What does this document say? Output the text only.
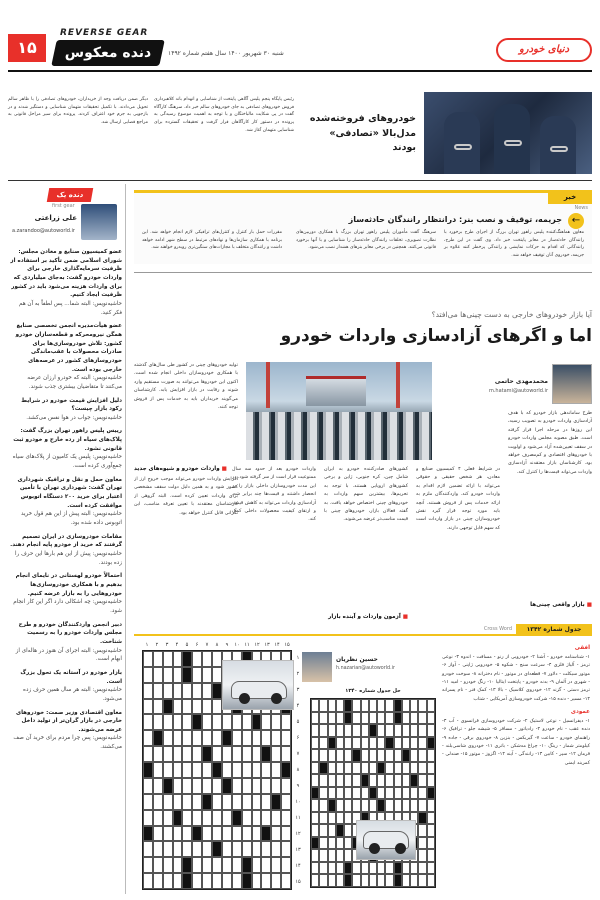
REVERSE GEAR
۱۵	دنده معکوس	شنبه ۳۰ شهریور ۱۴۰۰ سال هفتم شماره ۱۴۹۲	دنیای خودرو
خودروهای فروخته‌شده
مدل‌بالا «تصادفی» بودند
رئیس پایگاه پنجم پلیس آگاهی پایتخت از شناسایی و انهدام باند کلاهبرداری فروش خودروهای تصادفی به جای خودروهای سالم خبر داد. سرهنگ کارآگاه گفت در پی شکایت مالباختگان و با توجه به اهمیت موضوع رسیدگی به پرونده در دستور کار کارآگاهان قرار گرفت و تحقیقات گسترده برای شناسایی متهمان آغاز شد.
دیگر ضمن دریافت وجه از خریداران، خودروهای تصادفی را با ظاهر سالم تحویل می‌دادند. با تکمیل تحقیقات متهمان شناسایی و دستگیر شدند و در بازجویی به جرم خود اعتراف کردند. پرونده برای سیر مراحل قانونی به مراجع قضایی ارسال شد.
دنده یک
first gear
علی زراعتی
a.zarandoo@autoworld.ir
عضو کمیسیون صنایع و معادن مجلس: شورای اسلامی ضمن تأکید بر استفاده از ظرفیت سرمایه‌گذاری خارجی برای واردات خودرو گفت: به‌جای میلیاردی که برای واردات هزینه می‌شود باید در کشور ظرفیت ایجاد کنیم.
حاشیه‌نویس: البته شما... پس لطفاً به آن هم فکر کنید.
عضو هیأت‌مدیره انجمن تخصصی صنایع همگن نیرومحرکه و قطعه‌سازان خودرو کشور: تلاش خودروسازی‌ها برای صادرات محصولات با عقب‌ماندگی خودروسازهای کشور در عرصه‌های خارجی بوده است.
حاشیه‌نویس: البته که خودرو ارزان عرضه می‌کنند تا متقاضیان بیشتری جذب شوند.
دلیل افزایش قیمت خودرو در شرایط رکود بازار چیست؟
حاشیه‌نویس: جواب در هوا نفس می‌کشد.
رییس پلیس راهور تهران بزرگ گفت: پلاک‌های سیاه از رده خارج و خودرو ثبت قانونی نشود.
حاشیه‌نویس: پلیس یک کامیون از پلاک‌های سیاه جمع‌آوری کرده است.
معاون حمل و نقل و ترافیک شهرداری تهران گفت: شهرداری تهران با تأمین اعتبار برای خرید ۲۰۰ دستگاه اتوبوس موافقت کرده است.
حاشیه‌نویس: البته پیش از این هم قول خرید اتوبوس داده شده بود.
مقامات خودروسازی در ایران تصمیم گرفتند که خرید از خودرو پایه انجام دهند.
حاشیه‌نویس: پیش از این هم بارها این حرف را زده بودند.
احتمالاً خودرو لهستانی در نایمای انجام بدهیم و با همکاری خودروسازی‌ها خودروهایی را به بازار عرضه کنیم.
حاشیه‌نویس: چه اشکالی دارد اگر این کار انجام شود.
دبیر انجمن واردکنندگان خودرو و طرح مجلس واردات خودرو را به رسمیت شناخت.
حاشیه‌نویس: البته اجرای آن هنوز در هاله‌ای از ابهام است.
بازار خودرو در آستانه یک تحول بزرگ است.
حاشیه‌نویس: البته هر سال همین حرف زده می‌شود.
معاون اقتصادی وزیر صمت: خودروهای خارجی در بازار گران‌تر از تولید داخل عرضه می‌شوند.
حاشیه‌نویس: پس چرا مردم برای خرید آن صف می‌کشند.
خبر
News
←
جریمه، توقیف و نصب بنر: درانتظار رانندگان حادثه‌ساز
معاون هماهنگ‌کننده پلیس راهور تهران بزرگ از اجرای طرح برخورد با رانندگان حادثه‌ساز در معابر پایتخت خبر داد. وی گفت در این طرح، رانندگانی که اقدام به حرکات نمایشی و رانندگی پرخطر کنند علاوه بر جریمه، خودروی آنان توقیف خواهد شد.
سرهنگ گفت مأموران پلیس راهور تهران بزرگ با همکاری دوربین‌های نظارت تصویری، تخلفات رانندگان حادثه‌ساز را شناسایی و با آنها برخورد قانونی می‌کنند. همچنین در برخی معابر بنرهای هشدار نصب می‌شود.
مقررات حمل بار کنترل و کنترل‌های ترافیکی لازم انجام خواهد شد. این برنامه با همکاری سازمان‌ها و نهادهای مرتبط در سطح شهر ادامه خواهد داشت و رانندگان متخلف با مجازات‌های سنگین‌تری روبه‌رو خواهند شد.
آیا بازار خودروهای خارجی به دست چینی‌ها می‌افتد؟
اما و اگرهای آزادسازی واردات خودرو
محمدمهدی حاتمی
m.hatami@autoworld.ir
طرح ساماندهی بازار خودرو که با هدف آزادسازی واردات خودرو به تصویب رسید، این روزها در مرحله اجرا قرار گرفته است. طبق مصوبه مجلس واردات خودرو در سقف تعیین‌شده آزاد می‌شود و اولویت با خودروهای اقتصادی و کم‌مصرف خواهد بود. کارشناسان بازار معتقدند آزادسازی واردات می‌تواند قیمت‌ها را کنترل کند.
در شرایط فعلی ۴ کمیسیون صنایع و معادن، هر شخص حقیقی و حقوقی می‌تواند با ارائه تضمین لازم اقدام به واردات خودرو کند. واردکنندگان ملزم به ارائه خدمات پس از فروش هستند. آنچه باید مورد توجه قرار گیرد نقش خودروسازان چینی در بازار واردات است که سهم قابل توجهی دارند.
کشورهای صادرکننده خودرو به ایران شامل چین، کره جنوبی، ژاپن و برخی کشورهای اروپایی هستند. با توجه به تحریم‌ها، بیشترین سهم واردات به خودروهای چینی اختصاص خواهد یافت. به گفته فعالان بازار، خودروهای چینی با قیمت مناسب‌تر عرضه می‌شوند.
واردات خودرو بعد از حدود سه سال ممنوعیت قرار است از سر گرفته شود. در این مدت خودروسازان داخلی بازار را در انحصار داشتند و قیمت‌ها چند برابر شد. آزادسازی واردات می‌تواند به کاهش قیمت و ارتقای کیفیت محصولات داخلی کمک کند.
تولید خودروهای چینی در کشور طی سال‌های گذشته با همکاری خودروسازان داخلی انجام شده است. اکنون این خودروها می‌توانند به صورت مستقیم وارد شوند و رقابت در بازار افزایش یابد. کارشناسان می‌گویند خریداران باید به خدمات پس از فروش توجه کنند.
■ واردات خودرو و شیوه‌های جدید
افزایش واردات خودرو می‌تواند موجب خروج ارز از کشور شود و به همین دلیل دولت سقف مشخصی برای واردات تعیین کرده است. البته گروهی از کارشناسان معتقدند با تعیین تعرفه مناسب، این نگرانی قابل کنترل خواهد بود.
■ بازار واقعی چینی‌ها
■ آزمون واردات و آینده بازار
جدول شماره ۱۳۴۲
Cross Word
۱۵
۱۴
۱۳
۱۲
۱۱
۱۰
۹
۸
۷
۶
۵
۴
۳
۲
۱
۱
۲
۳
۴
۵
۶
۷
۸
۹
۱۰
۱۱
۱۲
۱۳
۱۴
۱۵
حسین نظریان
h.nazarian@autoworld.ir
حل جدول شماره ۱۳۴۰
افقی
۱- شناسنامه خودرو - آشنا ۲- خودرویی از رنو - مسافت - اندوه ۳- نوعی ترمز - آلیاژ فلزی ۴- سرعت سنج - شکوه ۵- خودرویی ژاپنی - آواز ۶- موتور سیکلت - دلاور ۷- قطعه‌ای در موتور - نام دخترانه ۸- سوخت خودرو - شهری در آلمان ۹- بدنه خودرو - پایتخت ایتالیا ۱۰- رنگ خودرو - امید ۱۱- ترمز دستی - گزند ۱۲- خودروی کلاسیک - بالا ۱۳- کمک فنر - نام پسرانه ۱۴- مسیر - دنده ۱۵- شرکت خودروسازی آمریکایی - شتاب
عمودی
۱- دیفرانسیل - نوعی لاستیک ۲- شرکت خودروسازی فرانسوی - آب ۳- دنده عقب - نام خودرو ۴- رادیاتور - مسافر ۵- شیشه جلو - ترافیک ۶- راهنمای خودرو - ساعت ۷- گیربکس - بنزین ۸- خودروی برقی - جاده ۹- کیلومتر شمار - رینگ ۱۰- چراغ مه‌شکن - باتری ۱۱- خودروی شاسی‌بلند - فرمان ۱۲- سپر - کابین ۱۳- رانندگی - آینه ۱۴- اگزوز - موتور ۱۵- صندلی - کمربند ایمنی
